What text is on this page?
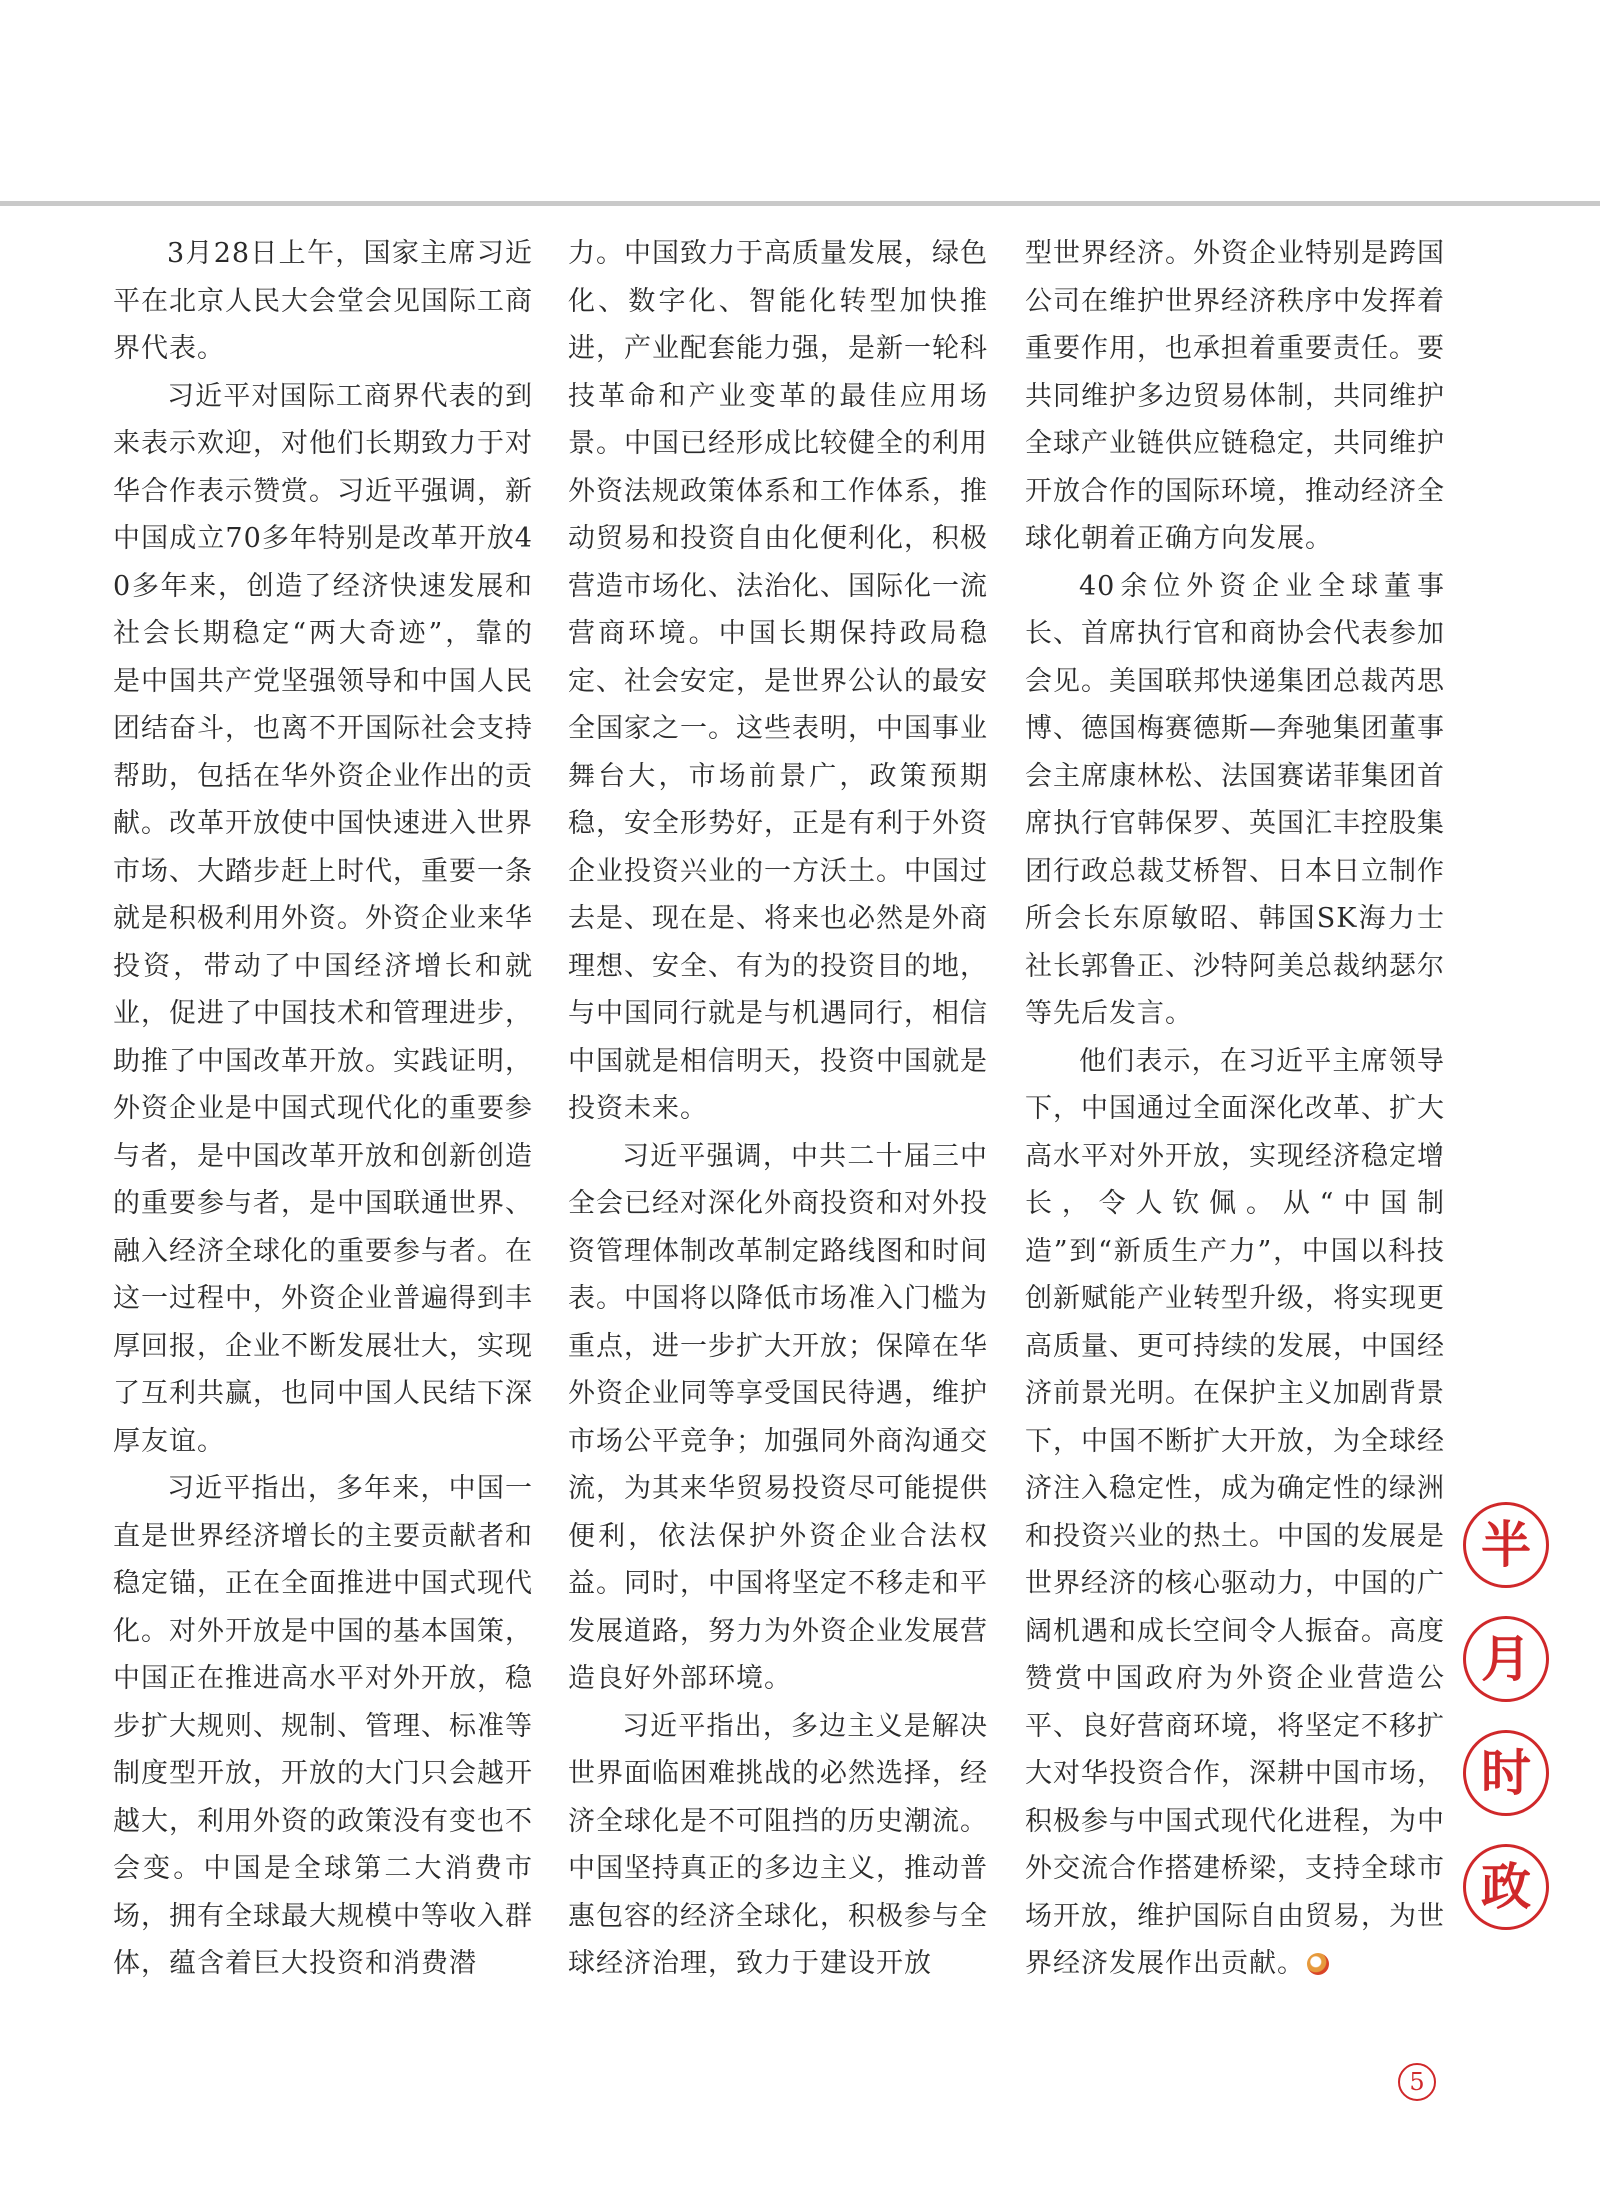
3月28日上午，国家主席习近平在北京人民大会堂会见国际工商界代表。

习近平对国际工商界代表的到来表示欢迎，对他们长期致力于对华合作表示赞赏。习近平强调，新中国成立70多年特别是改革开放40多年来，创造了经济快速发展和社会长期稳定“两大奇迹”，靠的是中国共产党坚强领导和中国人民团结奋斗，也离不开国际社会支持帮助，包括在华外资企业作出的贡献。改革开放使中国快速进入世界市场、大踏步赶上时代，重要一条就是积极利用外资。外资企业来华投资，带动了中国经济增长和就业，促进了中国技术和管理进步，助推了中国改革开放。实践证明，外资企业是中国式现代化的重要参与者，是中国改革开放和创新创造的重要参与者，是中国联通世界、融入经济全球化的重要参与者。在这一过程中，外资企业普遍得到丰厚回报，企业不断发展壮大，实现了互利共赢，也同中国人民结下深厚友谊。

习近平指出，多年来，中国一直是世界经济增长的主要贡献者和稳定锚，正在全面推进中国式现代化。对外开放是中国的基本国策，中国正在推进高水平对外开放，稳步扩大规则、规制、管理、标准等制度型开放，开放的大门只会越开越大，利用外资的政策没有变也不会变。中国是全球第二大消费市场，拥有全球最大规模中等收入群体，蕴含着巨大投资和消费潜

力。中国致力于高质量发展，绿色化、数字化、智能化转型加快推进，产业配套能力强，是新一轮科技革命和产业变革的最佳应用场景。中国已经形成比较健全的利用外资法规政策体系和工作体系，推动贸易和投资自由化便利化，积极营造市场化、法治化、国际化一流营商环境。中国长期保持政局稳定、社会安定，是世界公认的最安全国家之一。这些表明，中国事业舞台大，市场前景广，政策预期稳，安全形势好，正是有利于外资企业投资兴业的一方沃土。中国过去是、现在是、将来也必然是外商理想、安全、有为的投资目的地，与中国同行就是与机遇同行，相信中国就是相信明天，投资中国就是投资未来。

习近平强调，中共二十届三中全会已经对深化外商投资和对外投资管理体制改革制定路线图和时间表。中国将以降低市场准入门槛为重点，进一步扩大开放；保障在华外资企业同等享受国民待遇，维护市场公平竞争；加强同外商沟通交流，为其来华贸易投资尽可能提供便利，依法保护外资企业合法权益。同时，中国将坚定不移走和平发展道路，努力为外资企业发展营造良好外部环境。

习近平指出，多边主义是解决世界面临困难挑战的必然选择，经济全球化是不可阻挡的历史潮流。中国坚持真正的多边主义，推动普惠包容的经济全球化，积极参与全球经济治理，致力于建设开放

型世界经济。外资企业特别是跨国公司在维护世界经济秩序中发挥着重要作用，也承担着重要责任。要共同维护多边贸易体制，共同维护全球产业链供应链稳定，共同维护开放合作的国际环境，推动经济全球化朝着正确方向发展。

40余位外资企业全球董事长、首席执行官和商协会代表参加会见。美国联邦快递集团总裁芮思博、德国梅赛德斯—奔驰集团董事会主席康林松、法国赛诺菲集团首席执行官韩保罗、英国汇丰控股集团行政总裁艾桥智、日本日立制作所会长东原敏昭、韩国SK海力士社长郭鲁正、沙特阿美总裁纳瑟尔等先后发言。

他们表示，在习近平主席领导下，中国通过全面深化改革、扩大高水平对外开放，实现经济稳定增长，令人钦佩。从“中国制造”到“新质生产力”，中国以科技创新赋能产业转型升级，将实现更高质量、更可持续的发展，中国经济前景光明。在保护主义加剧背景下，中国不断扩大开放，为全球经济注入稳定性，成为确定性的绿洲和投资兴业的热土。中国的发展是世界经济的核心驱动力，中国的广阔机遇和成长空间令人振奋。高度赞赏中国政府为外资企业营造公平、良好营商环境，将坚定不移扩大对华投资合作，深耕中国市场，积极参与中国式现代化进程，为中外交流合作搭建桥梁，支持全球市场开放，维护国际自由贸易，为世界经济发展作出贡献。

半
月
时
政
5
